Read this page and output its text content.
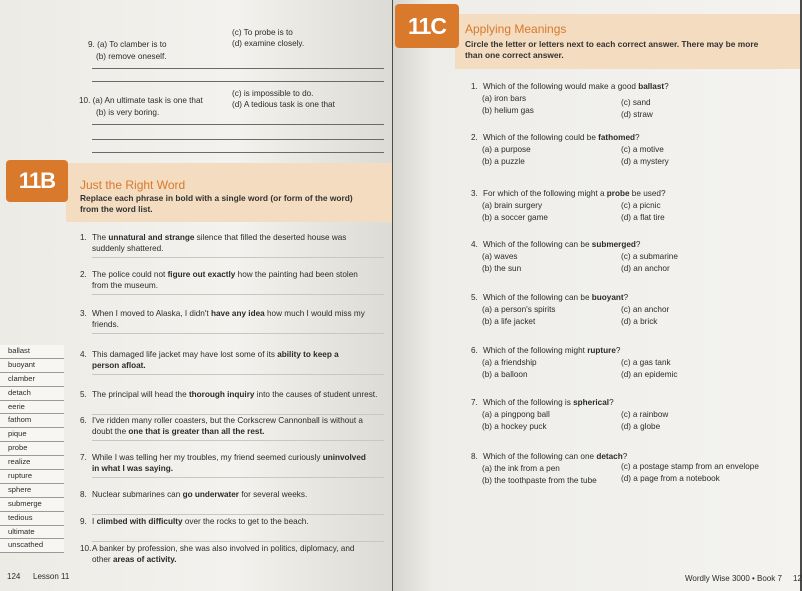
9. (a) To clamber is to
(b) remove oneself.
(c) To probe is to
(d) examine closely.
10. (a) An ultimate task is one that
(b) is very boring.
(c) is impossible to do.
(d) A tedious task is one that
11B	Just the Right Word
Replace each phrase in bold with a single word (or form of the word) from the word list.
1. The unnatural and strange silence that filled the deserted house was
suddenly shattered.
2. The police could not figure out exactly how the painting had been stolen
from the museum.
3. When I moved to Alaska, I didn't have any idea how much I would miss my
friends.
4. This damaged life jacket may have lost some of its ability to keep a
person afloat.
5. The principal will head the thorough inquiry into the causes of student unrest.
6. I've ridden many roller coasters, but the Corkscrew Cannonball is without a
doubt the one that is greater than all the rest.
7. While I was telling her my troubles, my friend seemed curiously uninvolved
in what I was saying.
8. Nuclear submarines can go underwater for several weeks.
9. I climbed with difficulty over the rocks to get to the beach.
10. A banker by profession, she was also involved in politics, diplomacy, and
other areas of activity.
ballast
buoyant
clamber
detach
eerie
fathom
pique
probe
realize
rupture
sphere
submerge
tedious
ultimate
unscathed
124 Lesson 11
11C	Applying Meanings
Circle the letter or letters next to each correct answer. There may be more than one correct answer.
1. Which of the following would make a good ballast?
(a) iron bars
(b) helium gas
(c) sand
(d) straw
2. Which of the following could be fathomed?
(a) a purpose
(b) a puzzle
(c) a motive
(d) a mystery
3. For which of the following might a probe be used?
(a) brain surgery
(b) a soccer game
(c) a picnic
(d) a flat tire
4. Which of the following can be submerged?
(a) waves
(b) the sun
(c) a submarine
(d) an anchor
5. Which of the following can be buoyant?
(a) a person's spirits
(b) a life jacket
(c) an anchor
(d) a brick
6. Which of the following might rupture?
(a) a friendship
(b) a balloon
(c) a gas tank
(d) an epidemic
7. Which of the following is spherical?
(a) a pingpong ball
(b) a hockey puck
(c) a rainbow
(d) a globe
8. Which of the following can one detach?
(a) the ink from a pen
(b) the toothpaste from the tube
(c) a postage stamp from an envelope
(d) a page from a notebook
Wordly Wise 3000 • Book 7 12
